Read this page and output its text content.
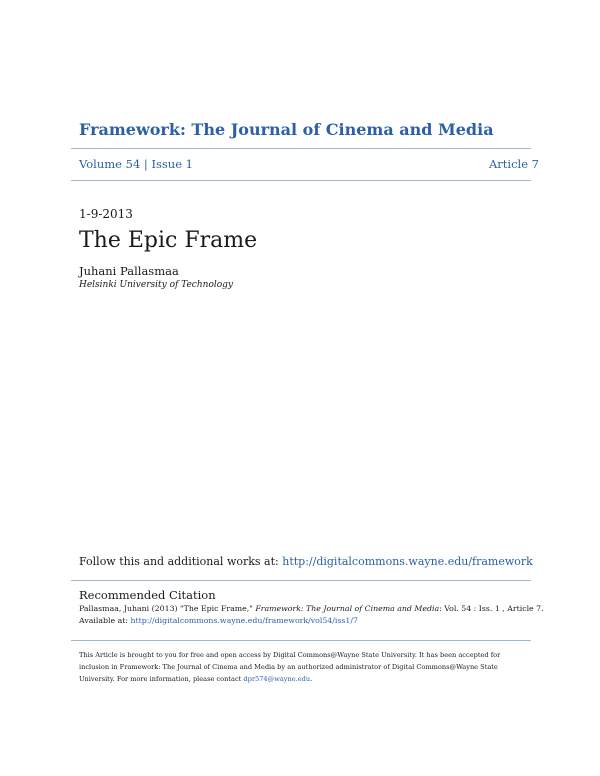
Framework: The Journal of Cinema and Media
Volume 54 | Issue 1	Article 7
1-9-2013
The Epic Frame
Juhani Pallasmaa
Helsinki University of Technology
Follow this and additional works at: http://digitalcommons.wayne.edu/framework
Recommended Citation
Pallasmaa, Juhani (2013) "The Epic Frame," Framework: The Journal of Cinema and Media: Vol. 54 : Iss. 1 , Article 7.
Available at: http://digitalcommons.wayne.edu/framework/vol54/iss1/7
This Article is brought to you for free and open access by Digital Commons@Wayne State University. It has been accepted for inclusion in Framework: The Journal of Cinema and Media by an authorized administrator of Digital Commons@Wayne State University. For more information, please contact dpr574@wayne.edu.
